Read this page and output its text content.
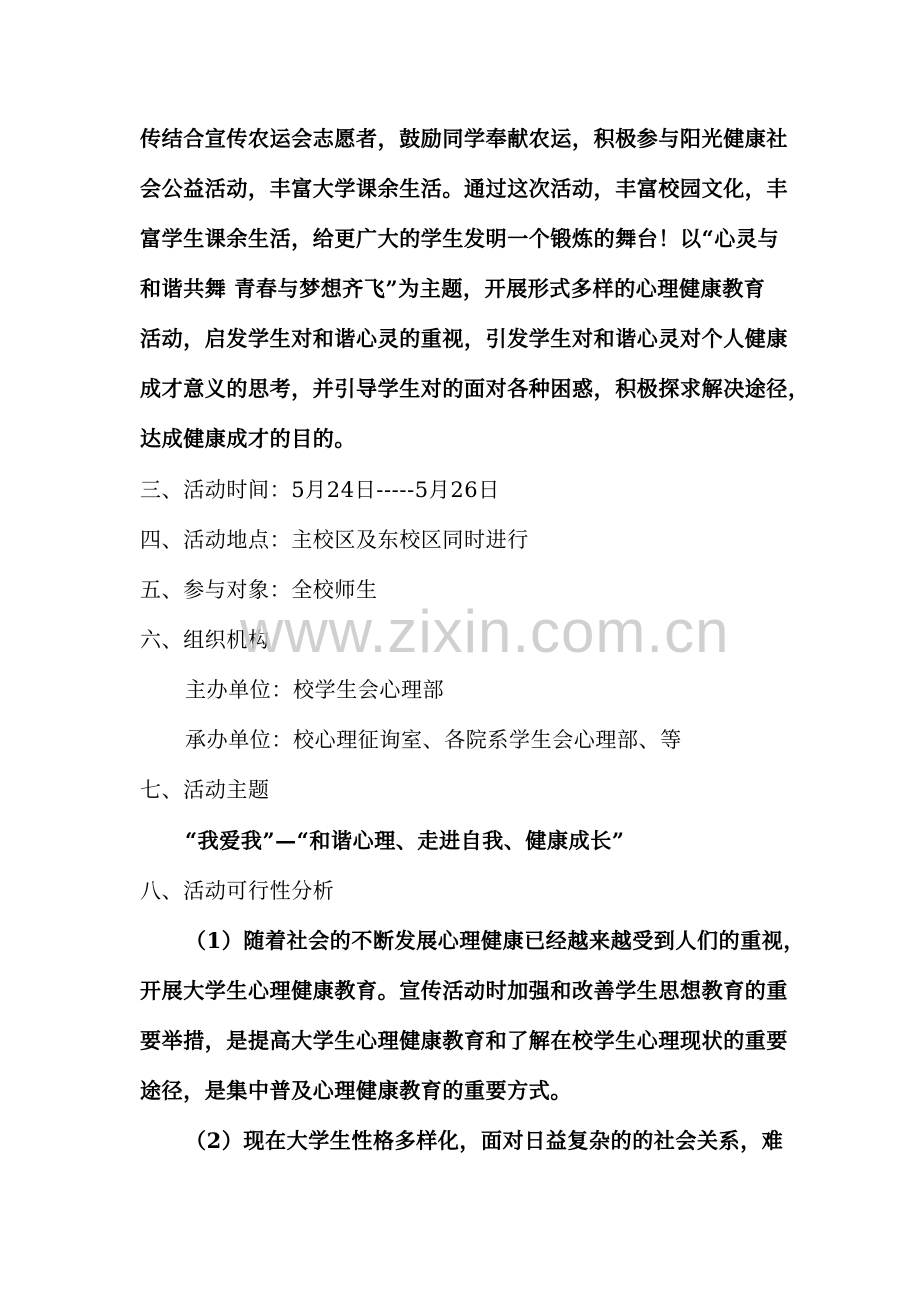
传结合宣传农运会志愿者，鼓励同学奉献农运，积极参与阳光健康社
会公益活动，丰富大学课余生活。通过这次活动，丰富校园文化，丰
富学生课余生活，给更广大的学生发明一个锻炼的舞台！以“心灵与
和谐共舞 青春与梦想齐飞”为主题，开展形式多样的心理健康教育
活动，启发学生对和谐心灵的重视，引发学生对和谐心灵对个人健康
成才意义的思考，并引导学生对的面对各种困惑，积极探求解决途径，
达成健康成才的目的。
三、活动时间：5月24日-----5月26日
四、活动地点：主校区及东校区同时进行
五、参与对象：全校师生
六、组织机构
主办单位：校学生会心理部
承办单位：校心理征询室、各院系学生会心理部、等
七、活动主题
“我爱我”—“和谐心理、走进自我、健康成长”
八、活动可行性分析
（1）随着社会的不断发展心理健康已经越来越受到人们的重视，
开展大学生心理健康教育。宣传活动时加强和改善学生思想教育的重
要举措，是提高大学生心理健康教育和了解在校学生心理现状的重要
途径，是集中普及心理健康教育的重要方式。
（2）现在大学生性格多样化，面对日益复杂的的社会关系，难
www.zixin.com.cn
